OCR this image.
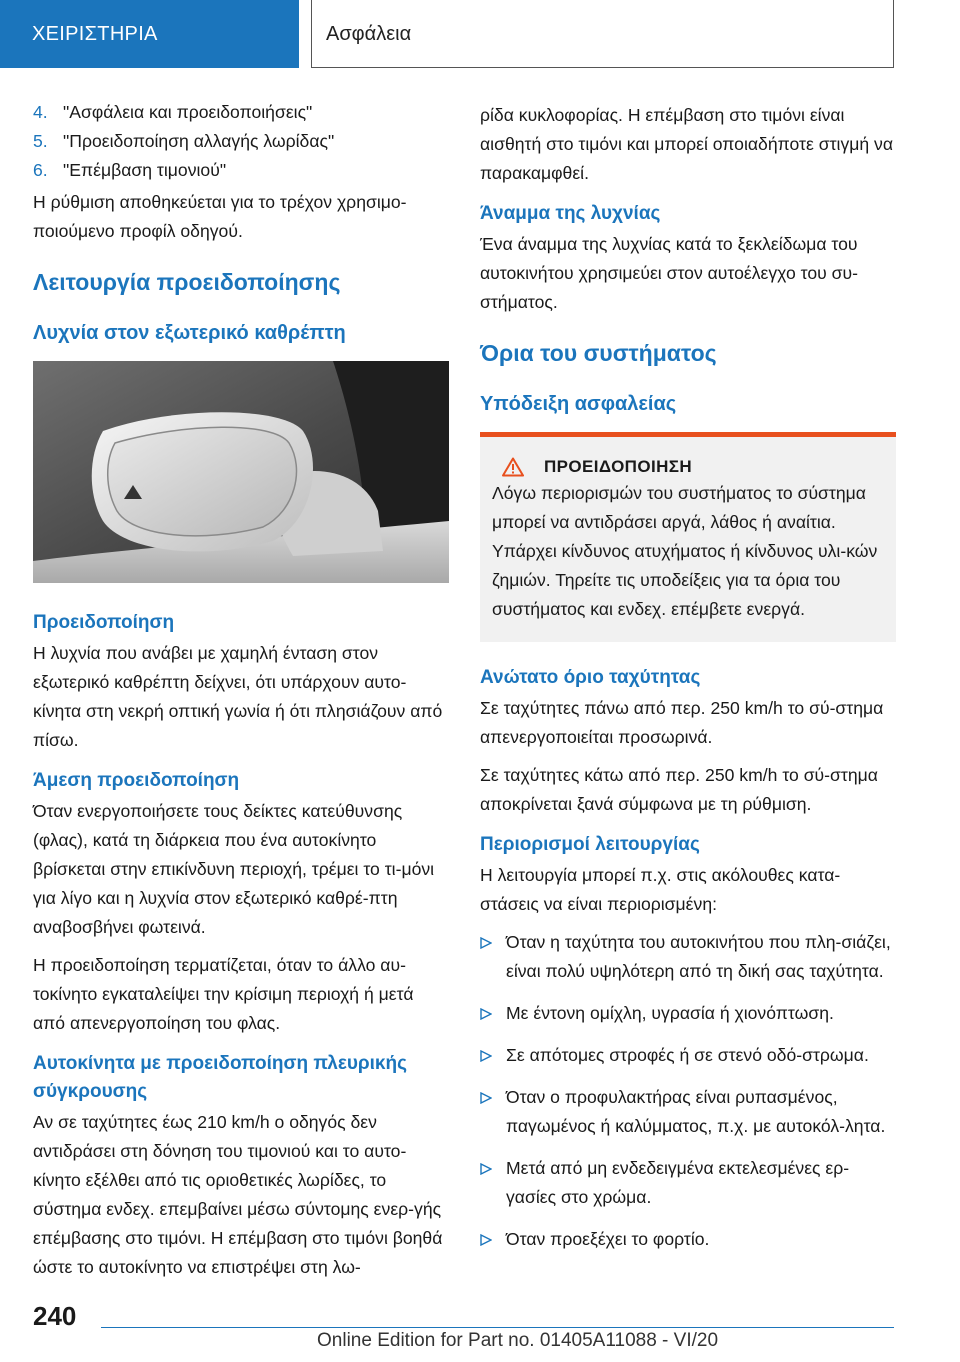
ΧΕΙΡΙΣΤΗΡΙΑ	Ασφάλεια
4. "Ασφάλεια και προειδοποιήσεις"
5. "Προειδοποίηση αλλαγής λωρίδας"
6. "Επέμβαση τιμονιού"

Η ρύθμιση αποθηκεύεται για το τρέχον χρησιμο-ποιούμενο προφίλ οδηγού.

Λειτουργία προειδοποίησης
Λυχνία στον εξωτερικό καθρέπτη
Προειδοποίηση

Η λυχνία που ανάβει με χαμηλή ένταση στον εξωτερικό καθρέπτη δείχνει, ότι υπάρχουν αυτο-κίνητα στη νεκρή οπτική γωνία ή ότι πλησιάζουν από πίσω.

Άμεση προειδοποίηση

Όταν ενεργοποιήσετε τους δείκτες κατεύθυνσης (φλας), κατά τη διάρκεια που ένα αυτοκίνητο βρίσκεται στην επικίνδυνη περιοχή, τρέμει το τι-μόνι για λίγο και η λυχνία στον εξωτερικό καθρέ-πτη αναβοσβήνει φωτεινά.

Η προειδοποίηση τερματίζεται, όταν το άλλο αυ-τοκίνητο εγκαταλείψει την κρίσιμη περιοχή ή μετά από απενεργοποίηση του φλας.

Αυτοκίνητα με προειδοποίηση πλευρικής σύγκρουσης

Αν σε ταχύτητες έως 210 km/h ο οδηγός δεν αντιδράσει στη δόνηση του τιμονιού και το αυτο-κίνητο εξέλθει από τις οριοθετικές λωρίδες, το σύστημα ενδεχ. επεμβαίνει μέσω σύντομης ενερ-γής επέμβασης στο τιμόνι. Η επέμβαση στο τιμόνι βοηθά ώστε το αυτοκίνητο να επιστρέψει στη λω-

ρίδα κυκλοφορίας. Η επέμβαση στο τιμόνι είναι αισθητή στο τιμόνι και μπορεί οποιαδήποτε στιγμή να παρακαμφθεί.

Άναμμα της λυχνίας

Ένα άναμμα της λυχνίας κατά το ξεκλείδωμα του αυτοκινήτου χρησιμεύει στον αυτοέλεγχο του συ-στήματος.

Όρια του συστήματος
Υπόδειξη ασφαλείας
ΠΡΟΕΙΔΟΠΟΙΗΣΗ

Λόγω περιορισμών του συστήματος το σύστημα μπορεί να αντιδράσει αργά, λάθος ή αναίτια. Υπάρχει κίνδυνος ατυχήματος ή κίνδυνος υλι-κών ζημιών. Τηρείτε τις υποδείξεις για τα όρια του συστήματος και ενδεχ. επέμβετε ενεργά.

Ανώτατο όριο ταχύτητας

Σε ταχύτητες πάνω από περ. 250 km/h το σύ-στημα απενεργοποιείται προσωρινά.

Σε ταχύτητες κάτω από περ. 250 km/h το σύ-στημα αποκρίνεται ξανά σύμφωνα με τη ρύθμιση.

Περιορισμοί λειτουργίας

Η λειτουργία μπορεί π.χ. στις ακόλουθες κατα-στάσεις να είναι περιορισμένη:

Όταν η ταχύτητα του αυτοκινήτου που πλη-σιάζει, είναι πολύ υψηλότερη από τη δική σας ταχύτητα.
Με έντονη ομίχλη, υγρασία ή χιονόπτωση.
Σε απότομες στροφές ή σε στενό οδό-στρωμα.
Όταν ο προφυλακτήρας είναι ρυπασμένος, παγωμένος ή καλύμματος, π.χ. με αυτοκόλ-λητα.
Μετά από μη ενδεδειγμένα εκτελεσμένες ερ-γασίες στο χρώμα.
Όταν προεξέχει το φορτίο.
240
Online Edition for Part no. 01405A11088 - VI/20
